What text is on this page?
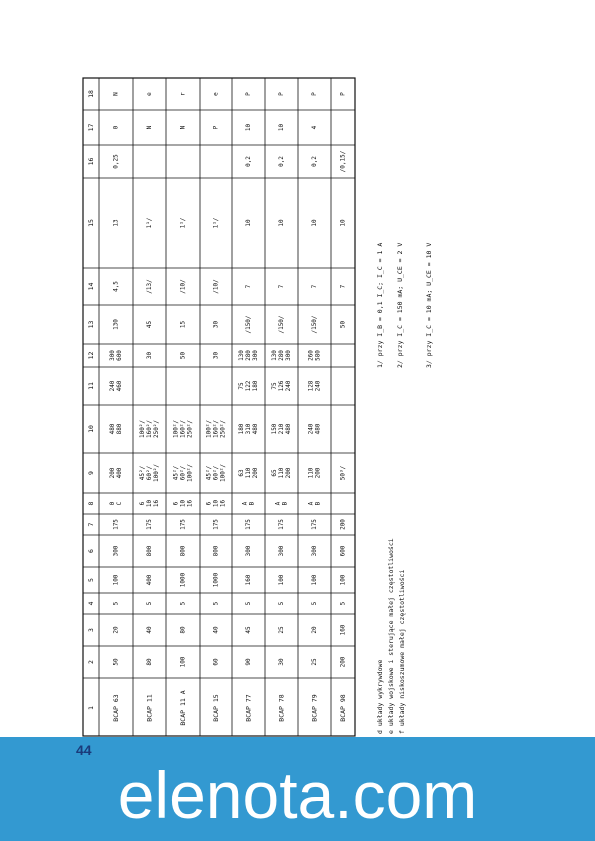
1
2
3
4
5
6
7
8
9
10
11
12
13
14
15
16
17
18
BCAP 63
50
20
5
100
300
175
0 C
200 400
480 880
240 460
300 600
130
4,5
13
0,25
0
N
BCAP 11
80
40
5
400
800
175
6 10 16
45²/ 60²/ 100²/
100²/ 160²/ 250²/
30
45
/13/
1¹/
N
e
BCAP 11 A
100
80
5
1000
800
175
6 10 16
45²/ 60²/ 100²/
100²/ 160²/ 250²/
50
15
/10/
1¹/
N
r
BCAP 15
60
40
5
1000
800
175
6 10 16
45²/ 60²/ 100²/
100²/ 160²/ 250²/
30
30
/10/
1¹/
P
e
BCAP 77
90
45
5
160
300
175
A B
63 110 200
180 310 480
75 122 180
130 280 300
/150/
7
10
0,2
10
P
BCAP 78
30
25
5
100
300
175
A B
65 110 200
150 210 480
75 126 240
130 280 300
/150/
7
10
0,2
10
P
BCAP 79
25
20
5
100
300
175
A B
110 200
240 480
128 240
260 580
/150/
7
10
0,2
4
P
BCAP 98
200
160
5
100
600
200
50³/
50
7
10
/0,15/
P
d układy wykrywdowe e układy wojskowe i sterujące małej częstotliwości f układy niskoszumowe małej częstotliwości
1/ przy I_B = 0,1 I_C; I_C = 1 A 2/ przy I_C = 150 mA; U_CE = 2 V	3/ przy I_C = 10 mA; U_CE = 10 V
44
elenota.com
